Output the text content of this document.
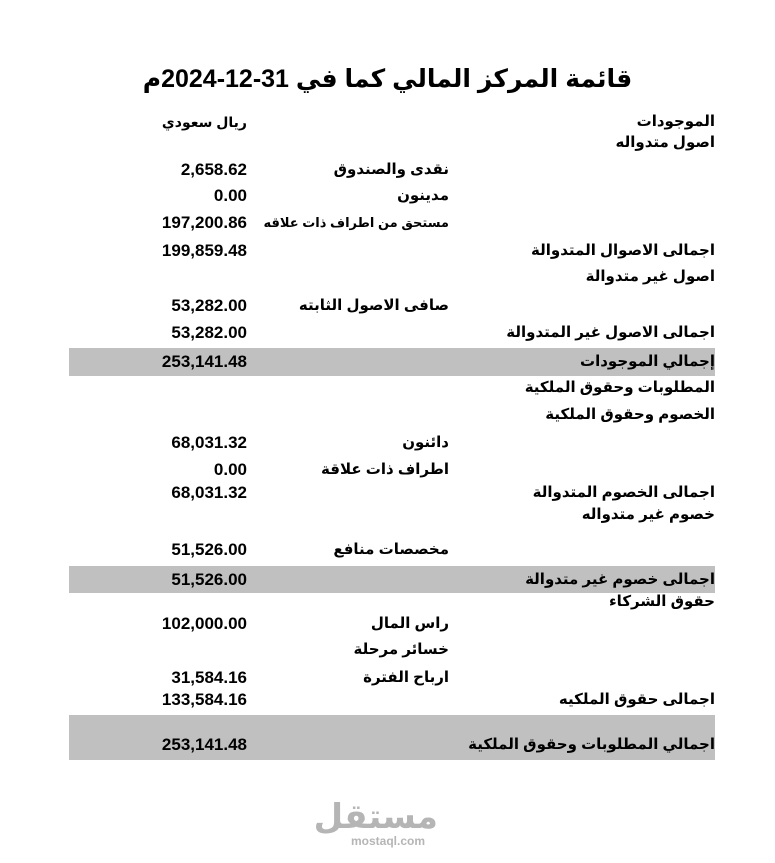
قائمة المركز المالي كما في 31-12-2024م
الموجودات
ريال سعودي
اصول متدواله
نقدى والصندوق
2,658.62
مدينون
0.00
مستحق من اطراف ذات علاقه
197,200.86
اجمالى الاصوال المتدوالة
199,859.48
اصول غير متدوالة
صافى الاصول الثابته
53,282.00
اجمالى الاصول غير المتدوالة
53,282.00
إجمالي الموجودات
253,141.48
المطلوبات وحقوق الملكية
الخصوم وحقوق الملكية
دائنون
68,031.32
اطراف ذات علاقة
0.00
اجمالى الخصوم المتدوالة
68,031.32
خصوم غير متدواله
مخصصات منافع
51,526.00
اجمالى خصوم غير متدوالة
51,526.00
حقوق الشركاء
راس المال
102,000.00
خسائر مرحلة
ارباح الفترة
31,584.16
اجمالى حقوق الملكيه
133,584.16
اجمالي المطلوبات وحقوق الملكية
253,141.48
مستقل
mostaql.com
